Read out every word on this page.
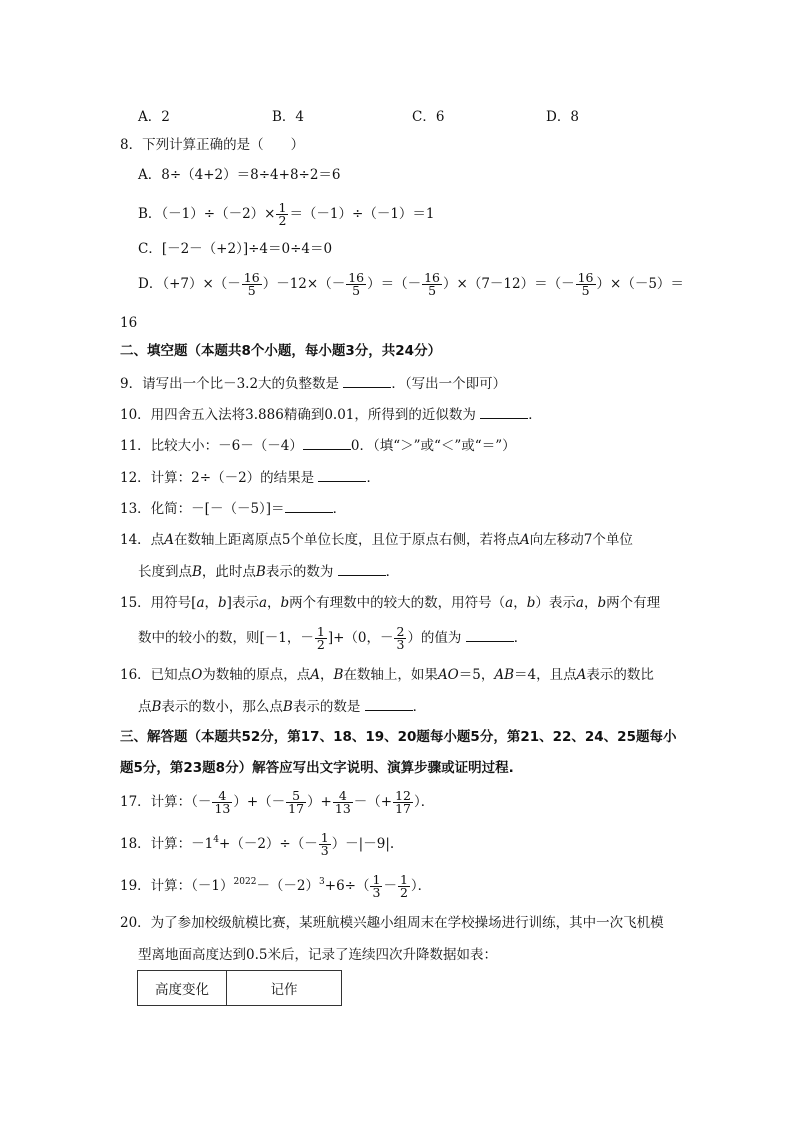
A．2	B．4	C．6	D．8
8．下列计算正确的是（　　）
A．8÷（4+2）＝8÷4+8÷2＝6
B．$(-1)\div(-2)\times \frac{1}{2} =(-1)\div(-1)=1$
C．[－2－（+2）]÷4＝0÷4＝0
D．$(+7)\times(- \frac{16}{5} )-12\times(- \frac{16}{5}$ ）＝（－ $\frac{16}{5} )\times(7-12)=(- \frac{16}{5} )\times(-5)=$
16
二、填空题（本题共8个小题，每小题3分，共24分）
9．请写出一个比－3.2大的负整数是	．（写出一个即可）
10．用四舍五入法将3.886精确到0.01，所得到的近似数为	．
11．比较大小：－6－（－4）	0．（填“＞”或“＜”或“＝”）
12．计算：2÷（－2）的结果是	．
13．化简：－[－（－5）]＝	．
14．点A在数轴上距离原点5个单位长度，且位于原点右侧，若将点A向左移动7个单位
长度到点B，此时点B表示的数为	．
15．用符号[a，b]表示a，b两个有理数中的较大的数，用符号（a，b）表示a，b两个有理
数中的较小的数，则[－1，－ $\frac{1}{2} ]+(0$，－ $\frac{2}{3}$ ）的值为	．
16．已知点O为数轴的原点，点A，B在数轴上，如果AO＝5，AB＝4，且点A表示的数比
点B表示的数小，那么点B表示的数是	．
三、解答题（本题共52分，第17、18、19、20题每小题5分，第21、22、24、25题每小
题5分，第23题8分）解答应写出文字说明、演算步骤或证明过程.
17．计算：（－ $\frac{4}{13}$ ）+（－ $\frac{5}{17}$ ）+ $\frac{4}{13}$ －（+ $\frac{12}{17}$ ）．
18．计算：$-1^4+(-2)\div(- \frac{1}{3} )-|-9|$.
19．计算：$(-1)^{2022}-(-2)^3+6\div( \frac{1}{3} - \frac{1}{2}$ ）．
20．为了参加校级航模比赛，某班航模兴趣小组周末在学校操场进行训练，其中一次飞机模
型离地面高度达到0.5米后，记录了连续四次升降数据如表：
高度变化	记作
